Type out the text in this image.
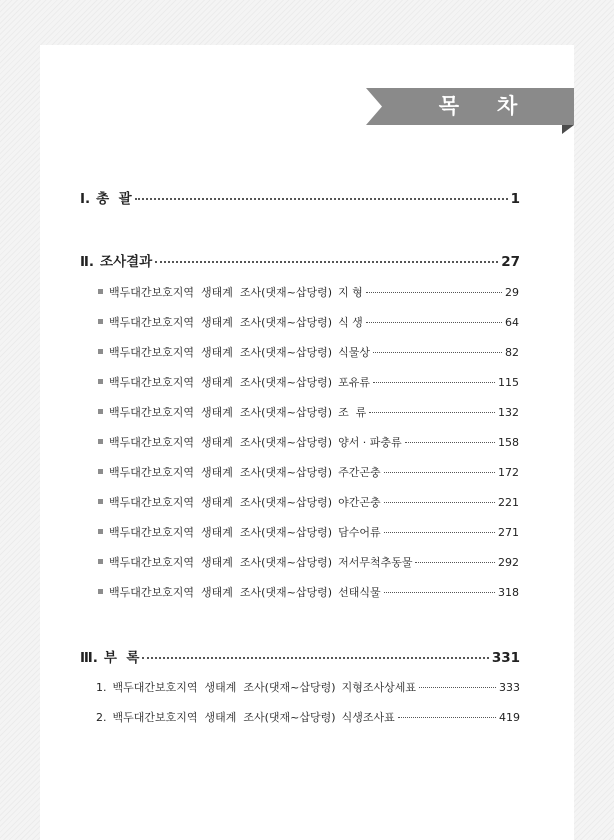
목   차
Ⅰ. 총  괄	1
Ⅱ. 조사결과	27
백두대간보호지역  생태계  조사(댓재~삽당령) 지 형	29
백두대간보호지역  생태계  조사(댓재~삽당령) 식 생	64
백두대간보호지역  생태계  조사(댓재~삽당령) 식물상	82
백두대간보호지역  생태계  조사(댓재~삽당령) 포유류	115
백두대간보호지역  생태계  조사(댓재~삽당령) 조  류	132
백두대간보호지역  생태계  조사(댓재~삽당령) 양서 · 파충류	158
백두대간보호지역  생태계  조사(댓재~삽당령) 주간곤충	172
백두대간보호지역  생태계  조사(댓재~삽당령) 야간곤충	221
백두대간보호지역  생태계  조사(댓재~삽당령) 담수어류	271
백두대간보호지역  생태계  조사(댓재~삽당령) 저서무척추동물	292
백두대간보호지역  생태계  조사(댓재~삽당령) 선태식물	318
Ⅲ. 부  록	331
1. 백두대간보호지역  생태계  조사(댓재~삽당령) 지형조사상세표	333
2. 백두대간보호지역  생태계  조사(댓재~삽당령) 식생조사표	419
